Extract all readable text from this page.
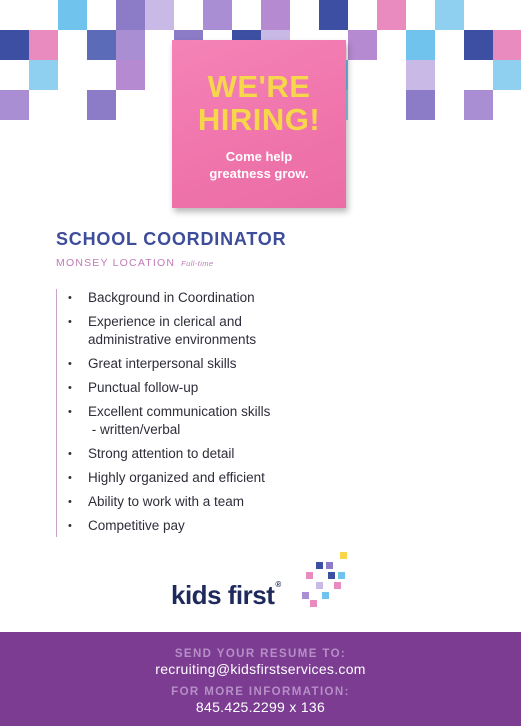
WE'RE
HIRING!
Come help
greatness grow.
SCHOOL COORDINATOR
MONSEY LOCATION Full-time
• Background in Coordination
• Experience in clerical and
administrative environments
• Great interpersonal skills
• Punctual follow-up
• Excellent communication skills
- written/verbal
• Strong attention to detail
• Highly organized and efficient
• Ability to work with a team
• Competitive pay
kids first®
SEND YOUR RESUME TO:
recruiting@kidsfirstservices.com
FOR MORE INFORMATION:
845.425.2299 x 136
